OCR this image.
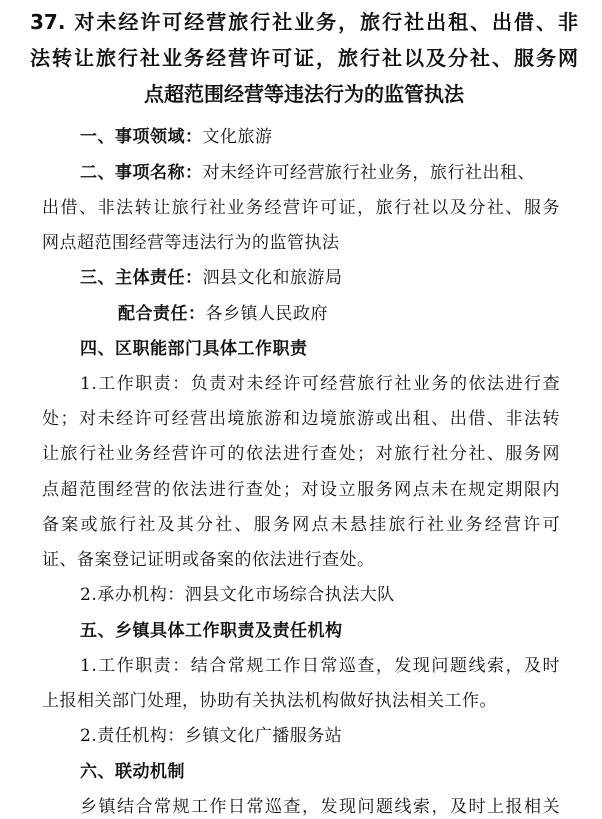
37. 对未经许可经营旅行社业务，旅行社出租、出借、非
法转让旅行社业务经营许可证，旅行社以及分社、服务网
点超范围经营等违法行为的监管执法
一、事项领域：文化旅游
二、事项名称：对未经许可经营旅行社业务，旅行社出租、
出借、非法转让旅行社业务经营许可证，旅行社以及分社、服务
网点超范围经营等违法行为的监管执法
三、主体责任：泗县文化和旅游局
配合责任：各乡镇人民政府
四、区职能部门具体工作职责
1.工作职责：负责对未经许可经营旅行社业务的依法进行查
处；对未经许可经营出境旅游和边境旅游或出租、出借、非法转
让旅行社业务经营许可的依法进行查处；对旅行社分社、服务网
点超范围经营的依法进行查处；对设立服务网点未在规定期限内
备案或旅行社及其分社、服务网点未悬挂旅行社业务经营许可
证、备案登记证明或备案的依法进行查处。
2.承办机构：泗县文化市场综合执法大队
五、乡镇具体工作职责及责任机构
1.工作职责：结合常规工作日常巡查，发现问题线索，及时
上报相关部门处理，协助有关执法机构做好执法相关工作。
2.责任机构：乡镇文化广播服务站
六、联动机制
乡镇结合常规工作日常巡查，发现问题线索，及时上报相关
